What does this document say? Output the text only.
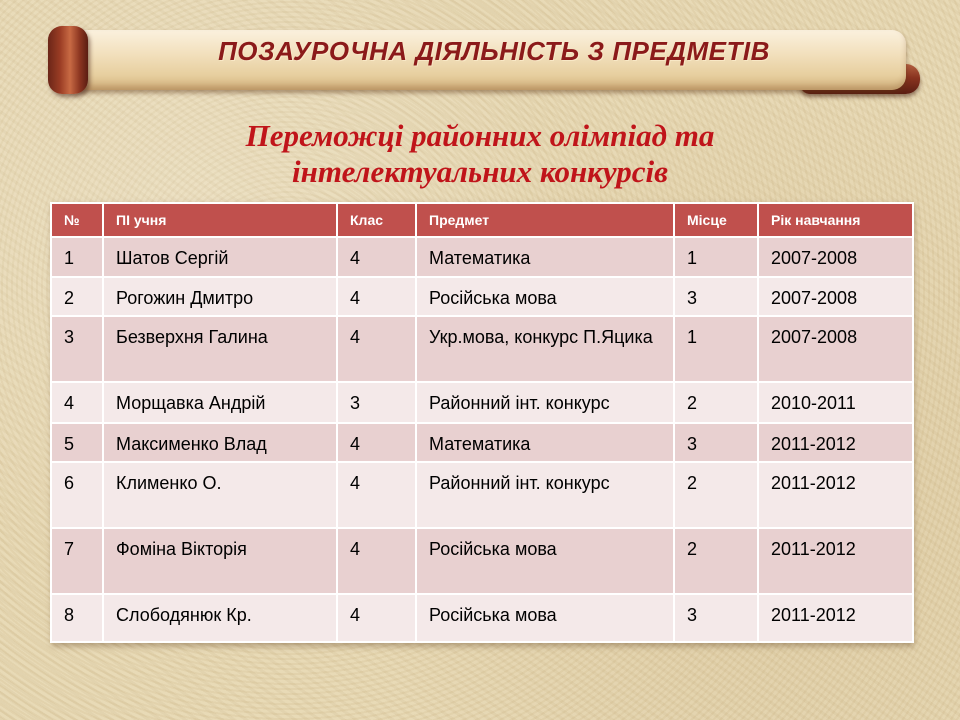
ПОЗАУРОЧНА ДІЯЛЬНІСТЬ З ПРЕДМЕТІВ
Переможці районних олімпіад та
інтелектуальних конкурсів
№	ПІ учня	Клас	Предмет	Місце	Рік навчання
1	Шатов Сергій	4	Математика	1	2007-2008
2	Рогожин Дмитро	4	Російська мова	3	2007-2008
3	Безверхня Галина	4	Укр.мова, конкурс П.Яцика	1	2007-2008
4	Морщавка Андрій	3	Районний інт. конкурс	2	2010-2011
5	Максименко Влад	4	Математика	3	2011-2012
6	Клименко О.	4	Районний інт. конкурс	2	2011-2012
7	Фоміна Вікторія	4	Російська мова	2	2011-2012
8	Слободянюк Кр.	4	Російська мова	3	2011-2012
